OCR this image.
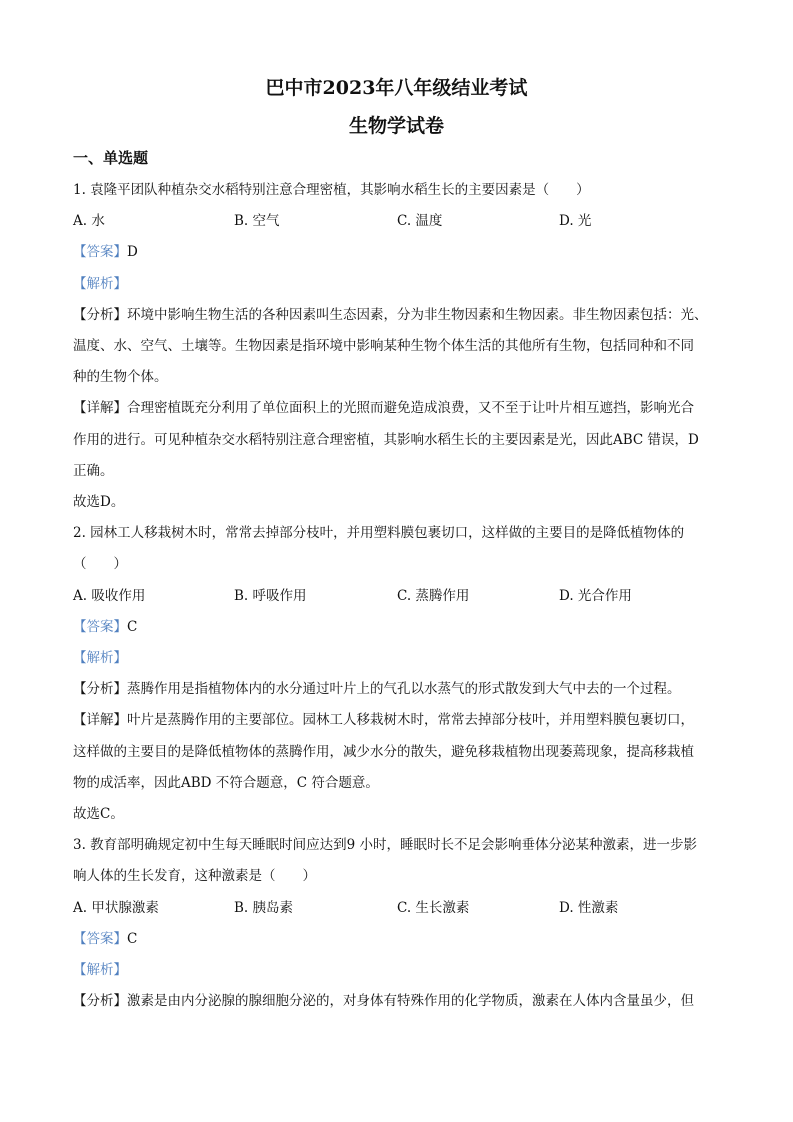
巴中市2023年八年级结业考试
生物学试卷
一、单选题
1. 袁隆平团队种植杂交水稻特别注意合理密植，其影响水稻生长的主要因素是（　　）
A. 水	B. 空气	C. 温度	D. 光
【答案】D
【解析】
【分析】环境中影响生物生活的各种因素叫生态因素，分为非生物因素和生物因素。非生物因素包括：光、
温度、水、空气、土壤等。生物因素是指环境中影响某种生物个体生活的其他所有生物，包括同种和不同
种的生物个体。
【详解】合理密植既充分利用了单位面积上的光照而避免造成浪费，又不至于让叶片相互遮挡，影响光合
作用的进行。可见种植杂交水稻特别注意合理密植，其影响水稻生长的主要因素是光，因此ABC 错误，D
正确。
故选D。
2. 园林工人移栽树木时，常常去掉部分枝叶，并用塑料膜包裹切口，这样做的主要目的是降低植物体的
（　　）
A. 吸收作用	B. 呼吸作用	C. 蒸腾作用	D. 光合作用
【答案】C
【解析】
【分析】蒸腾作用是指植物体内的水分通过叶片上的气孔以水蒸气的形式散发到大气中去的一个过程。
【详解】叶片是蒸腾作用的主要部位。园林工人移栽树木时，常常去掉部分枝叶，并用塑料膜包裹切口，
这样做的主要目的是降低植物体的蒸腾作用，减少水分的散失，避免移栽植物出现萎蔫现象，提高移栽植
物的成活率，因此ABD 不符合题意，C 符合题意。
故选C。
3. 教育部明确规定初中生每天睡眠时间应达到9 小时，睡眠时长不足会影响垂体分泌某种激素，进一步影
响人体的生长发育，这种激素是（　　）
A. 甲状腺激素	B. 胰岛素	C. 生长激素	D. 性激素
【答案】C
【解析】
【分析】激素是由内分泌腺的腺细胞分泌的，对身体有特殊作用的化学物质，激素在人体内含量虽少，但
